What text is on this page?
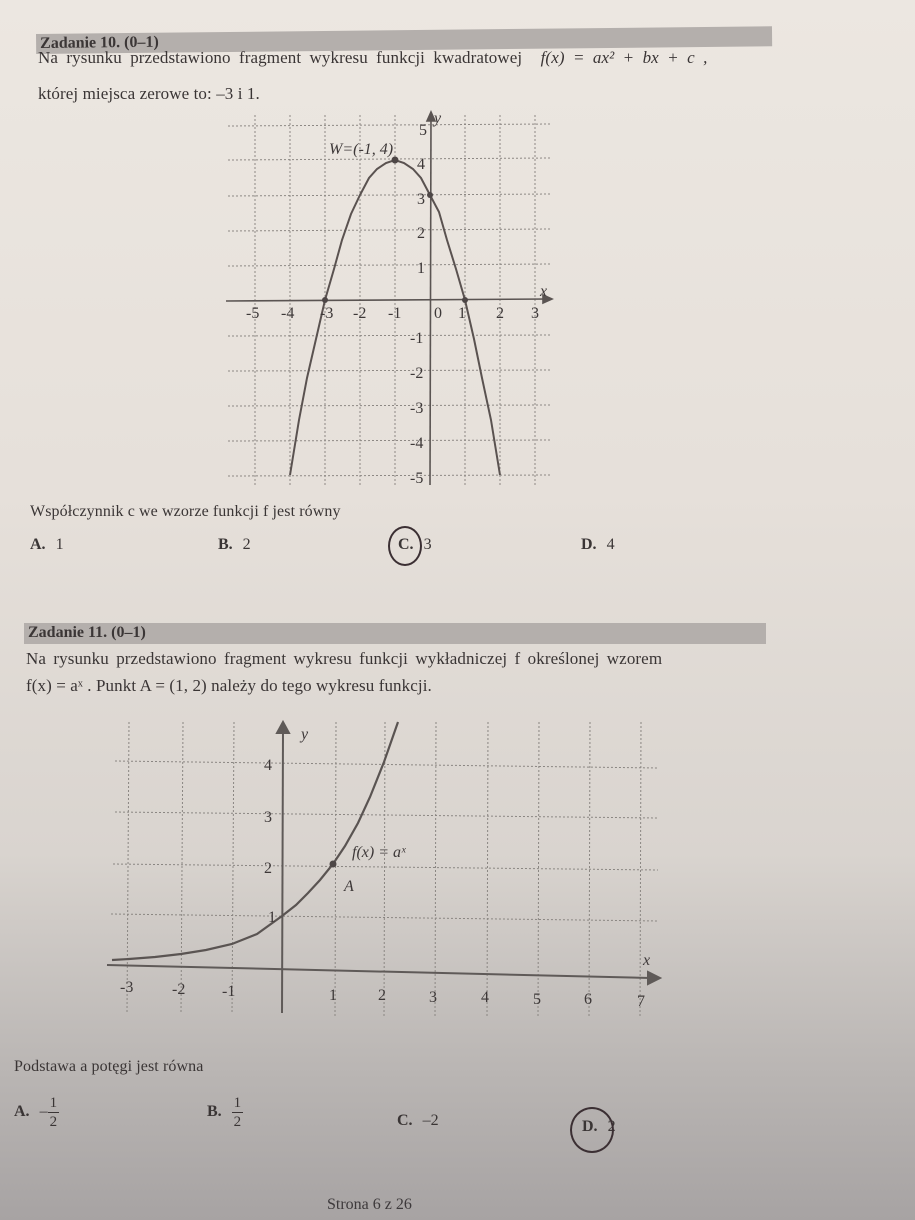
Zadanie 10. (0–1)
Na rysunku przedstawiono fragment wykresu funkcji kwadratowej f(x) = ax² + bx + c ,
której miejsca zerowe to: –3 i 1.
W=(-1, 4)
5
y
4
3
2
1
-1
-2
-3
-4
-5
-5 -4 -3 -2 -1 0 1 2 3
x
Współczynnik c we wzorze funkcji f jest równy
A. 1	B. 2	C. 3	D. 4
Zadanie 11. (0–1)
Na rysunku przedstawiono fragment wykresu funkcji wykładniczej f określonej wzorem
f(x) = aˣ . Punkt A = (1, 2) należy do tego wykresu funkcji.
y
4
3
2
1
f(x) = aˣ
A
-3 -2 -1	1	2	3	4	5	6	7
x
Podstawa a potęgi jest równa
A. – $\frac{1}{2}$	B. $\frac{1}{2}$	C. –2	D. 2
Strona 6 z 26
